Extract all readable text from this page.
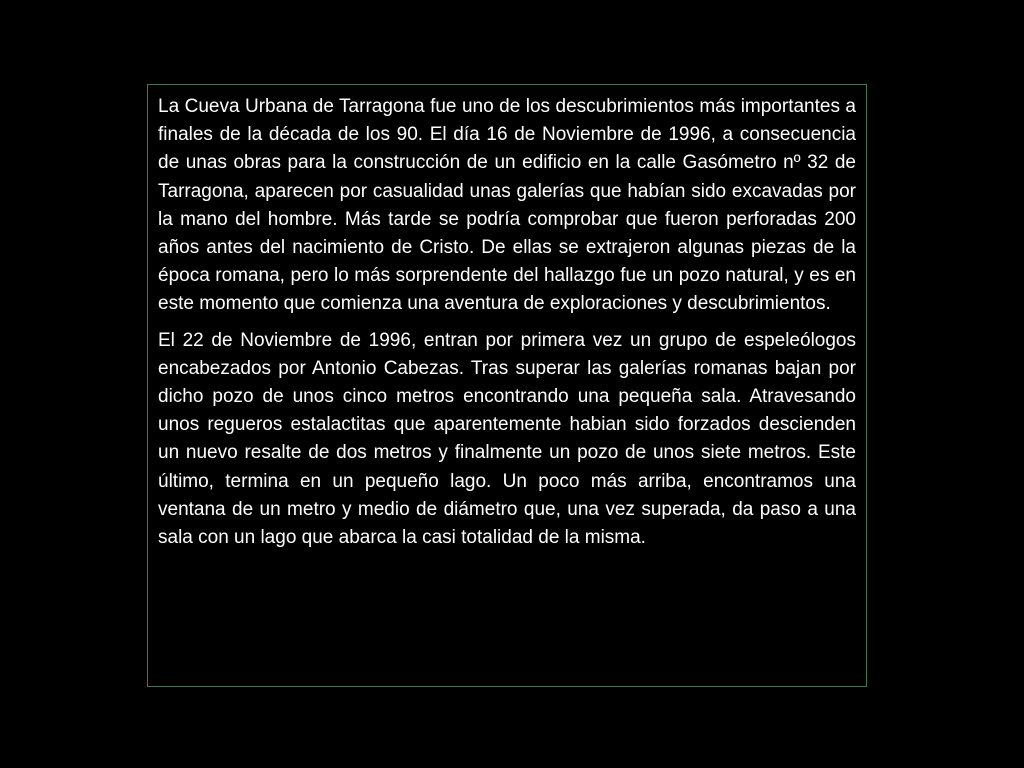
La Cueva Urbana de Tarragona fue uno de los descubrimientos más importantes a finales de la década de los 90. El día 16 de Noviembre de 1996, a consecuencia de unas obras para la construcción de un edificio en la calle Gasómetro nº 32 de Tarragona, aparecen por casualidad unas galerías que habían sido excavadas por la mano del hombre. Más tarde se podría comprobar que fueron perforadas 200 años antes del nacimiento de Cristo. De ellas se extrajeron algunas piezas de la época romana, pero lo más sorprendente del hallazgo fue un pozo natural, y es en este momento que comienza una aventura de exploraciones y descubrimientos.

El 22 de Noviembre de 1996, entran por primera vez un grupo de espeleólogos encabezados por Antonio Cabezas. Tras superar las galerías romanas bajan por dicho pozo de unos cinco metros encontrando una pequeña sala. Atravesando unos regueros estalactitas que aparentemente habian sido forzados descienden un nuevo resalte de dos metros y finalmente un pozo de unos siete metros. Este último, termina en un pequeño lago. Un poco más arriba, encontramos una ventana de un metro y medio de diámetro que, una vez superada, da paso a una sala con un lago que abarca la casi totalidad de la misma.
